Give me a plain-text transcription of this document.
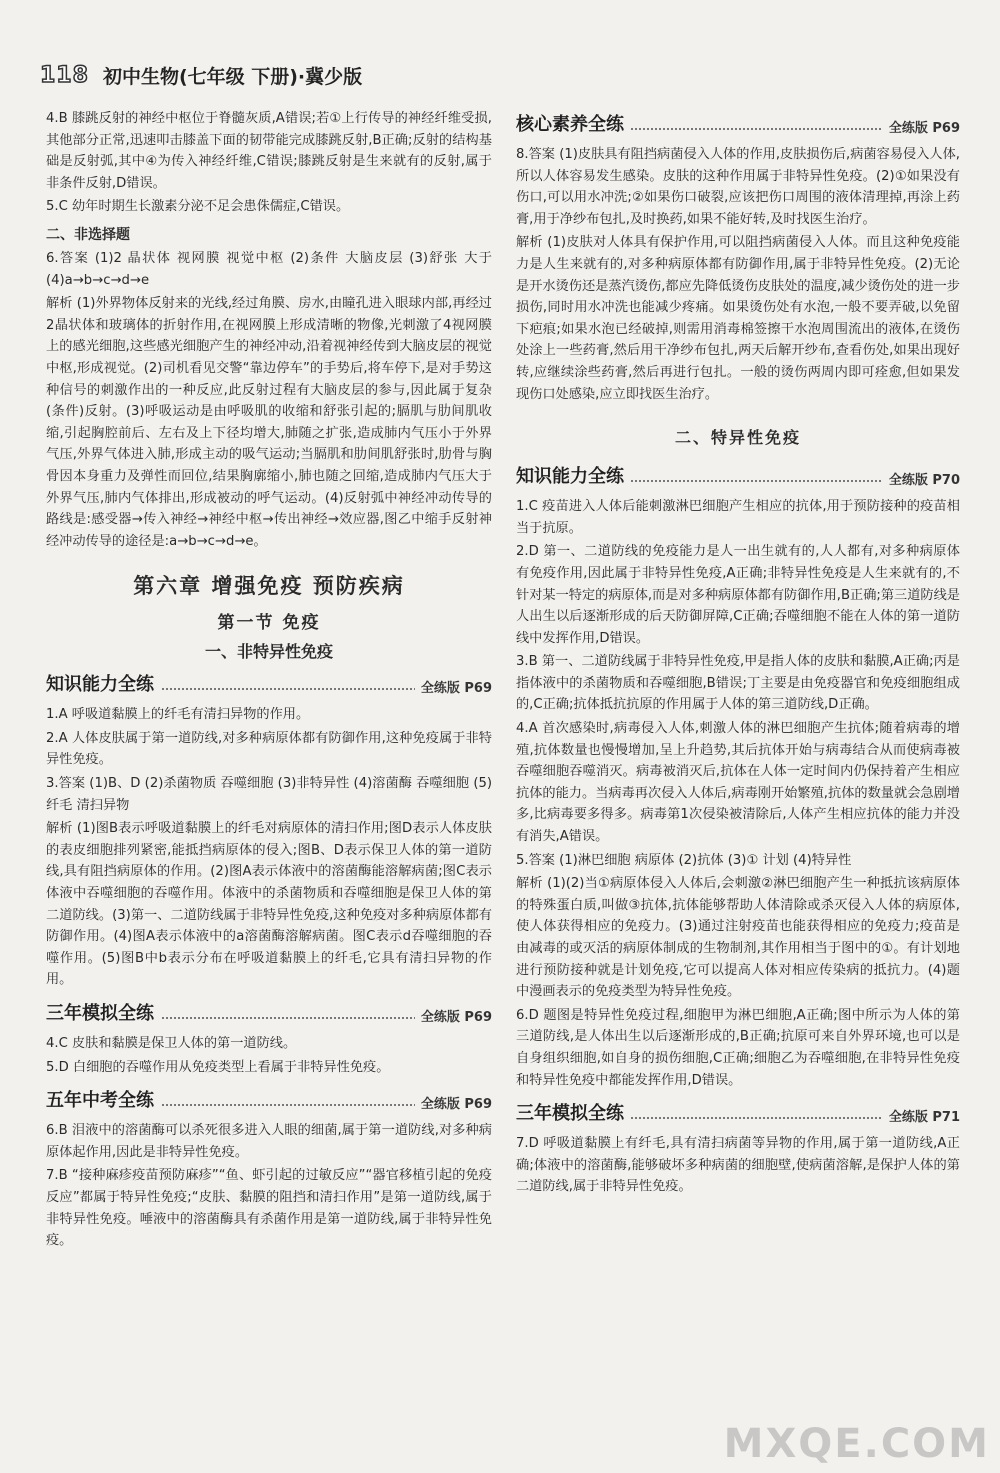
118 初中生物(七年级 下册)·冀少版

4.B 膝跳反射的神经中枢位于脊髓灰质,A错误;若①上行传导的神经纤维受损,其他部分正常,迅速叩击膝盖下面的韧带能完成膝跳反射,B正确;反射的结构基础是反射弧,其中④为传入神经纤维,C错误;膝跳反射是生来就有的反射,属于非条件反射,D错误。

5.C 幼年时期生长激素分泌不足会患侏儒症,C错误。

二、非选择题

6.答案 (1)2 晶状体 视网膜 视觉中枢 (2)条件 大脑皮层 (3)舒张 大于 (4)a→b→c→d→e

解析 (1)外界物体反射来的光线,经过角膜、房水,由瞳孔进入眼球内部,再经过2晶状体和玻璃体的折射作用,在视网膜上形成清晰的物像,光刺激了4视网膜上的感光细胞,这些感光细胞产生的神经冲动,沿着视神经传到大脑皮层的视觉中枢,形成视觉。(2)司机看见交警“靠边停车”的手势后,将车停下,是对手势这种信号的刺激作出的一种反应,此反射过程有大脑皮层的参与,因此属于复杂(条件)反射。(3)呼吸运动是由呼吸肌的收缩和舒张引起的;膈肌与肋间肌收缩,引起胸腔前后、左右及上下径均增大,肺随之扩张,造成肺内气压小于外界气压,外界气体进入肺,形成主动的吸气运动;当膈肌和肋间肌舒张时,肋骨与胸骨因本身重力及弹性而回位,结果胸廓缩小,肺也随之回缩,造成肺内气压大于外界气压,肺内气体排出,形成被动的呼气运动。(4)反射弧中神经冲动传导的路线是:感受器→传入神经→神经中枢→传出神经→效应器,图乙中缩手反射神经冲动传导的途径是:a→b→c→d→e。

第六章 增强免疫 预防疾病
第一节 免疫
一、非特异性免疫
知识能力全练	全练版 P69

1.A 呼吸道黏膜上的纤毛有清扫异物的作用。

2.A 人体皮肤属于第一道防线,对多种病原体都有防御作用,这种免疫属于非特异性免疫。

3.答案 (1)B、D (2)杀菌物质 吞噬细胞 (3)非特异性 (4)溶菌酶 吞噬细胞 (5)纤毛 清扫异物

解析 (1)图B表示呼吸道黏膜上的纤毛对病原体的清扫作用;图D表示人体皮肤的表皮细胞排列紧密,能抵挡病原体的侵入;图B、D表示保卫人体的第一道防线,具有阻挡病原体的作用。(2)图A表示体液中的溶菌酶能溶解病菌;图C表示体液中吞噬细胞的吞噬作用。体液中的杀菌物质和吞噬细胞是保卫人体的第二道防线。(3)第一、二道防线属于非特异性免疫,这种免疫对多种病原体都有防御作用。(4)图A表示体液中的a溶菌酶溶解病菌。图C表示d吞噬细胞的吞噬作用。(5)图B中b表示分布在呼吸道黏膜上的纤毛,它具有清扫异物的作用。

三年模拟全练	全练版 P69

4.C 皮肤和黏膜是保卫人体的第一道防线。

5.D 白细胞的吞噬作用从免疫类型上看属于非特异性免疫。

五年中考全练	全练版 P69

6.B 泪液中的溶菌酶可以杀死很多进入人眼的细菌,属于第一道防线,对多种病原体起作用,因此是非特异性免疫。

7.B “接种麻疹疫苗预防麻疹”“鱼、虾引起的过敏反应”“器官移植引起的免疫反应”都属于特异性免疫;“皮肤、黏膜的阻挡和清扫作用”是第一道防线,属于非特异性免疫。唾液中的溶菌酶具有杀菌作用是第一道防线,属于非特异性免疫。

核心素养全练	全练版 P69

8.答案 (1)皮肤具有阻挡病菌侵入人体的作用,皮肤损伤后,病菌容易侵入人体,所以人体容易发生感染。皮肤的这种作用属于非特异性免疫。(2)①如果没有伤口,可以用水冲洗;②如果伤口破裂,应该把伤口周围的液体清理掉,再涂上药膏,用于净纱布包扎,及时换药,如果不能好转,及时找医生治疗。

解析 (1)皮肤对人体具有保护作用,可以阻挡病菌侵入人体。而且这种免疫能力是人生来就有的,对多种病原体都有防御作用,属于非特异性免疫。(2)无论是开水烫伤还是蒸汽烫伤,都应先降低烫伤皮肤处的温度,减少烫伤处的进一步损伤,同时用水冲洗也能减少疼痛。如果烫伤处有水泡,一般不要弄破,以免留下疤痕;如果水泡已经破掉,则需用消毒棉签擦干水泡周围流出的液体,在烫伤处涂上一些药膏,然后用干净纱布包扎,两天后解开纱布,查看伤处,如果出现好转,应继续涂些药膏,然后再进行包扎。一般的烫伤两周内即可痊愈,但如果发现伤口处感染,应立即找医生治疗。

二、特异性免疫
知识能力全练	全练版 P70

1.C 疫苗进入人体后能刺激淋巴细胞产生相应的抗体,用于预防接种的疫苗相当于抗原。

2.D 第一、二道防线的免疫能力是人一出生就有的,人人都有,对多种病原体有免疫作用,因此属于非特异性免疫,A正确;非特异性免疫是人生来就有的,不针对某一特定的病原体,而是对多种病原体都有防御作用,B正确;第三道防线是人出生以后逐渐形成的后天防御屏障,C正确;吞噬细胞不能在人体的第一道防线中发挥作用,D错误。

3.B 第一、二道防线属于非特异性免疫,甲是指人体的皮肤和黏膜,A正确;丙是指体液中的杀菌物质和吞噬细胞,B错误;丁主要是由免疫器官和免疫细胞组成的,C正确;抗体抵抗抗原的作用属于人体的第三道防线,D正确。

4.A 首次感染时,病毒侵入人体,刺激人体的淋巴细胞产生抗体;随着病毒的增殖,抗体数量也慢慢增加,呈上升趋势,其后抗体开始与病毒结合从而使病毒被吞噬细胞吞噬消灭。病毒被消灭后,抗体在人体一定时间内仍保持着产生相应抗体的能力。当病毒再次侵入人体后,病毒刚开始繁殖,抗体的数量就会急剧增多,比病毒要多得多。病毒第1次侵染被清除后,人体产生相应抗体的能力并没有消失,A错误。

5.答案 (1)淋巴细胞 病原体 (2)抗体 (3)① 计划 (4)特异性

解析 (1)(2)当①病原体侵入人体后,会刺激②淋巴细胞产生一种抵抗该病原体的特殊蛋白质,叫做③抗体,抗体能够帮助人体清除或杀灭侵入人体的病原体,使人体获得相应的免疫力。(3)通过注射疫苗也能获得相应的免疫力;疫苗是由减毒的或灭活的病原体制成的生物制剂,其作用相当于图中的①。有计划地进行预防接种就是计划免疫,它可以提高人体对相应传染病的抵抗力。(4)题中漫画表示的免疫类型为特异性免疫。

6.D 题图是特异性免疫过程,细胞甲为淋巴细胞,A正确;图中所示为人体的第三道防线,是人体出生以后逐渐形成的,B正确;抗原可来自外界环境,也可以是自身组织细胞,如自身的损伤细胞,C正确;细胞乙为吞噬细胞,在非特异性免疫和特异性免疫中都能发挥作用,D错误。

三年模拟全练	全练版 P71

7.D 呼吸道黏膜上有纤毛,具有清扫病菌等异物的作用,属于第一道防线,A正确;体液中的溶菌酶,能够破坏多种病菌的细胞壁,使病菌溶解,是保护人体的第二道防线,属于非特异性免疫。

MXQE.COM
